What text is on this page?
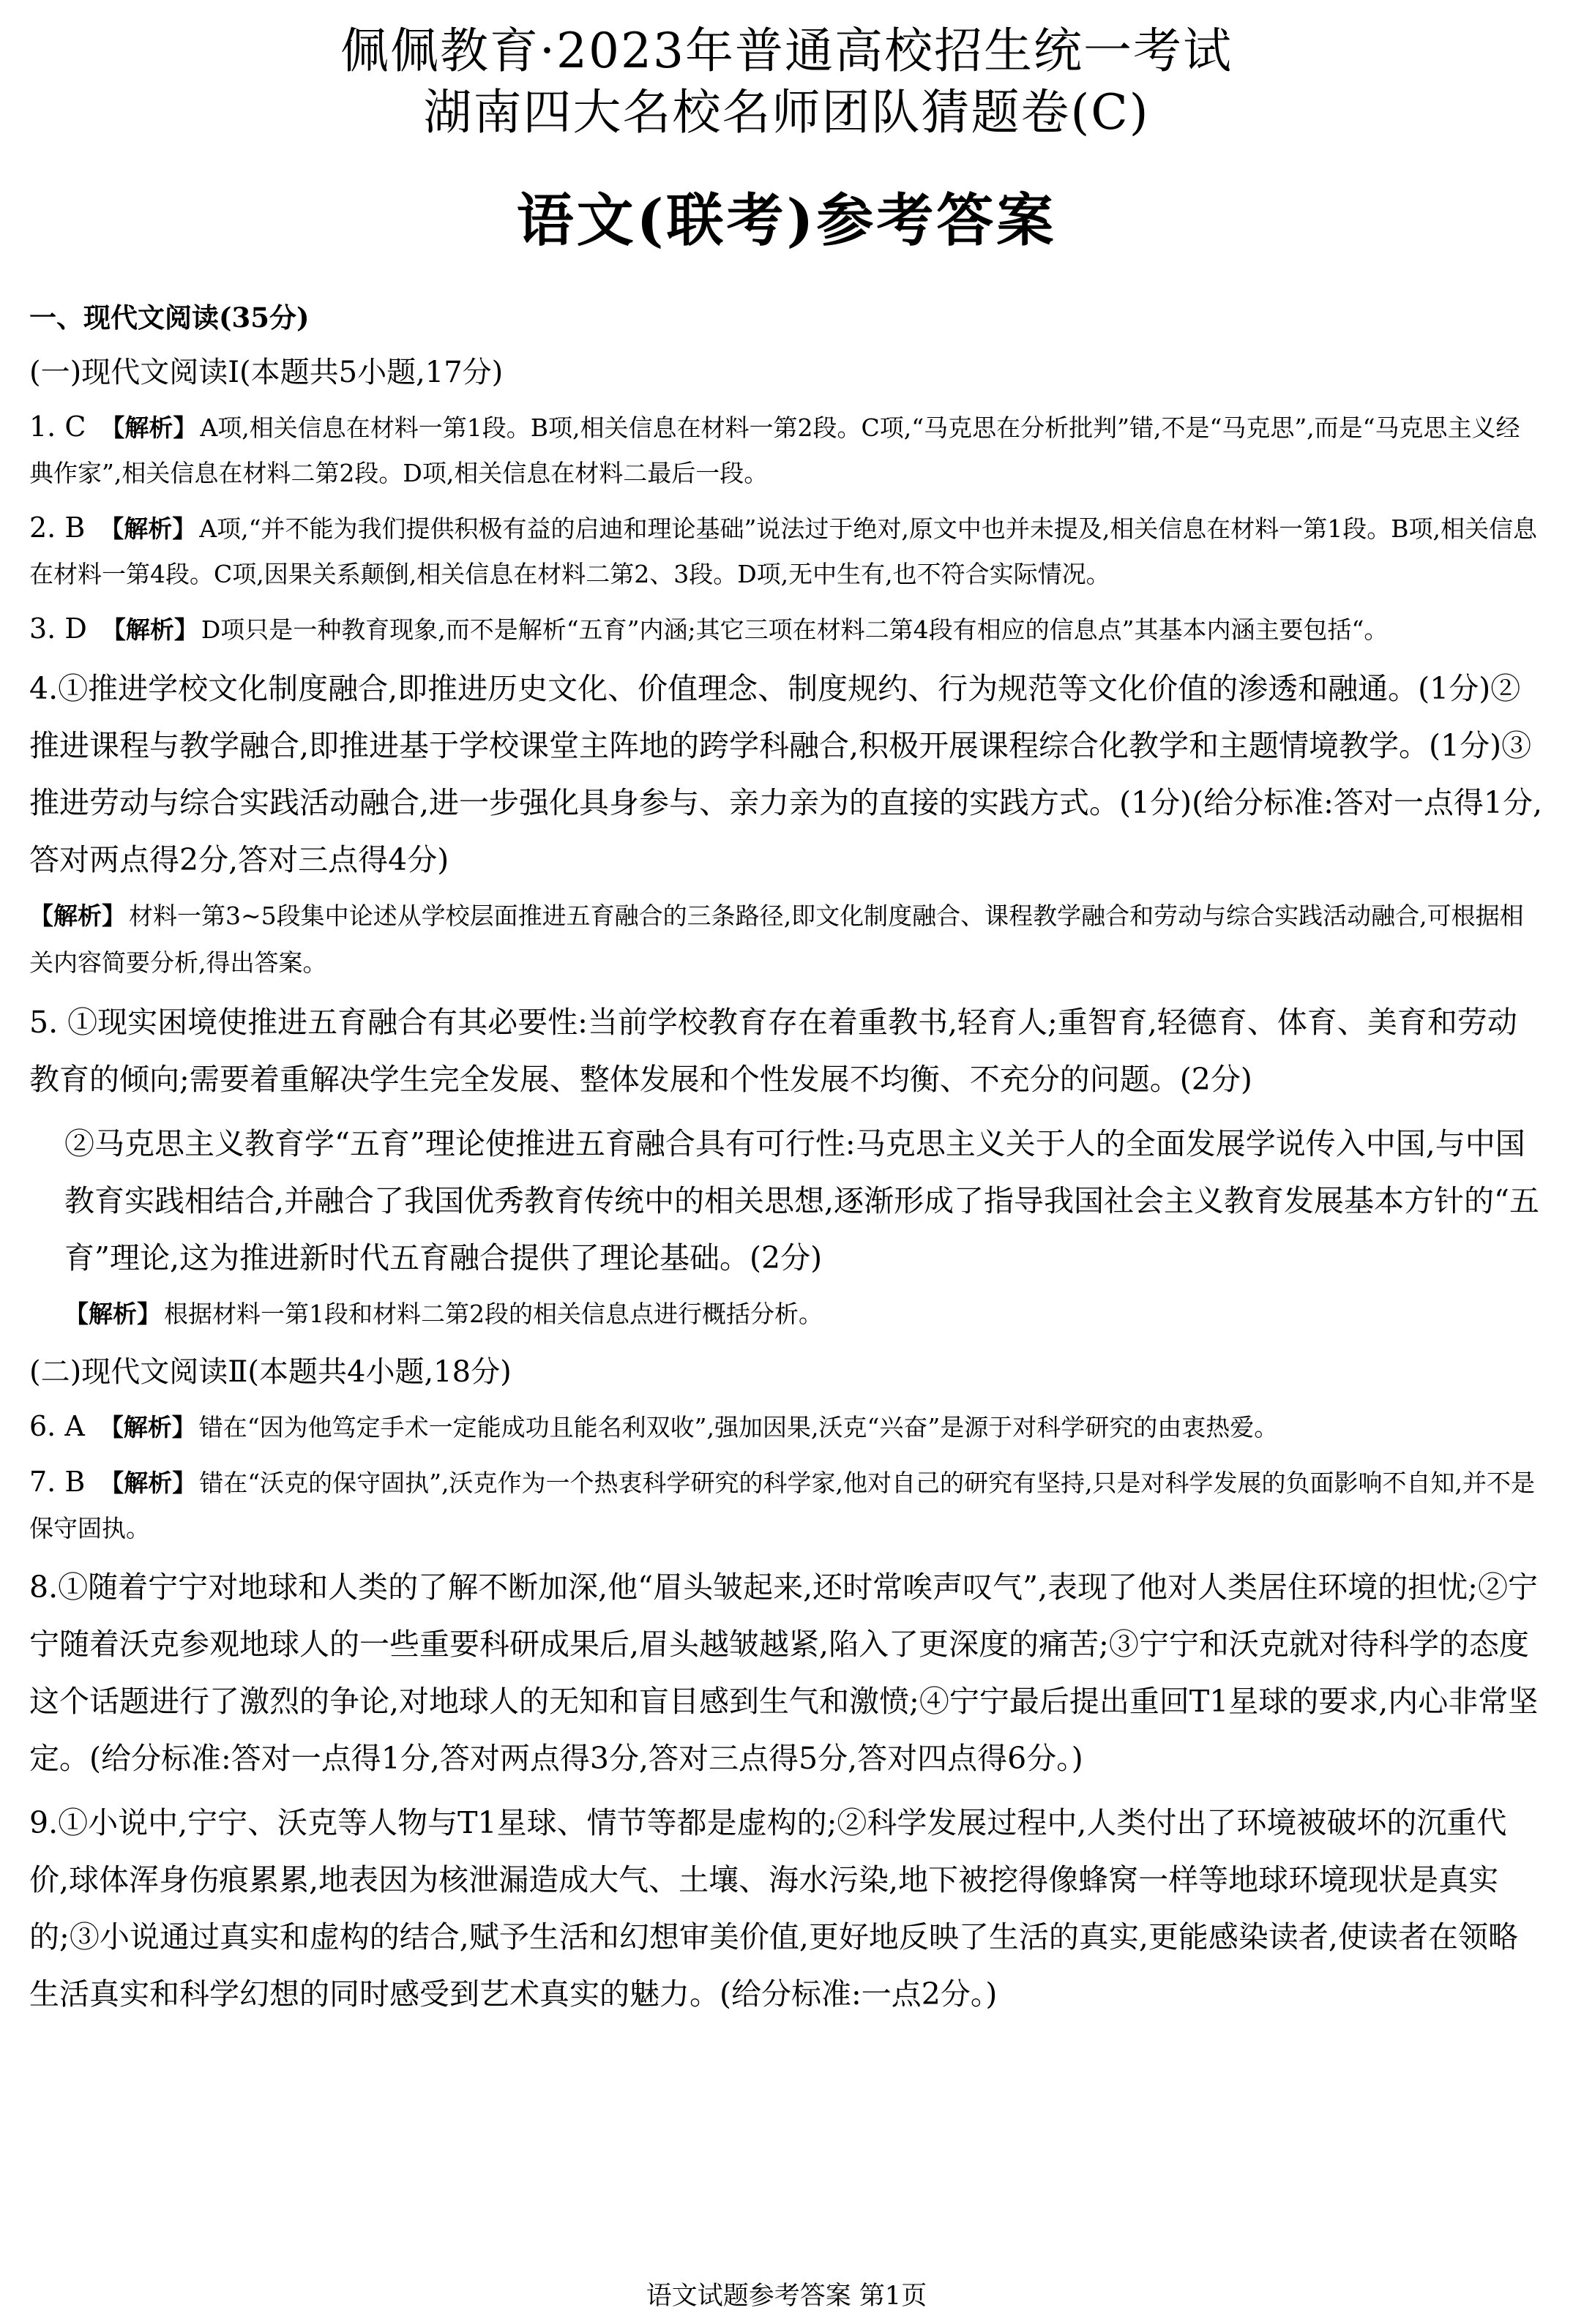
佩佩教育·2023年普通高校招生统一考试
湖南四大名校名师团队猜题卷(C)
语文(联考)参考答案
一、现代文阅读(35分)
(一)现代文阅读Ⅰ(本题共5小题,17分)
1. C 【解析】 A项,相关信息在材料一第1段。B项,相关信息在材料一第2段。C项,“马克思在分析批判”错,不是“马克思”,而是“马克思主义经典作家”,相关信息在材料二第2段。D项,相关信息在材料二最后一段。
2. B 【解析】 A项,“并不能为我们提供积极有益的启迪和理论基础”说法过于绝对,原文中也并未提及,相关信息在材料一第1段。B项,相关信息在材料一第4段。C项,因果关系颠倒,相关信息在材料二第2、3段。D项,无中生有,也不符合实际情况。
3. D 【解析】 D项只是一种教育现象,而不是解析“五育”内涵;其它三项在材料二第4段有相应的信息点”其基本内涵主要包括“。
4.①推进学校文化制度融合,即推进历史文化、价值理念、制度规约、行为规范等文化价值的渗透和融通。(1分)②推进课程与教学融合,即推进基于学校课堂主阵地的跨学科融合,积极开展课程综合化教学和主题情境教学。(1分)③推进劳动与综合实践活动融合,进一步强化具身参与、亲力亲为的直接的实践方式。(1分)(给分标准:答对一点得1分,答对两点得2分,答对三点得4分)
【解析】 材料一第3~5段集中论述从学校层面推进五育融合的三条路径,即文化制度融合、课程教学融合和劳动与综合实践活动融合,可根据相关内容简要分析,得出答案。
5. ①现实困境使推进五育融合有其必要性:当前学校教育存在着重教书,轻育人;重智育,轻德育、体育、美育和劳动教育的倾向;需要着重解决学生完全发展、整体发展和个性发展不均衡、不充分的问题。(2分)
②马克思主义教育学“五育”理论使推进五育融合具有可行性:马克思主义关于人的全面发展学说传入中国,与中国教育实践相结合,并融合了我国优秀教育传统中的相关思想,逐渐形成了指导我国社会主义教育发展基本方针的“五育”理论,这为推进新时代五育融合提供了理论基础。(2分)
【解析】 根据材料一第1段和材料二第2段的相关信息点进行概括分析。
(二)现代文阅读Ⅱ(本题共4小题,18分)
6. A 【解析】 错在“因为他笃定手术一定能成功且能名利双收”,强加因果,沃克“兴奋”是源于对科学研究的由衷热爱。
7. B 【解析】 错在“沃克的保守固执”,沃克作为一个热衷科学研究的科学家,他对自己的研究有坚持,只是对科学发展的负面影响不自知,并不是保守固执。
8.①随着宁宁对地球和人类的了解不断加深,他“眉头皱起来,还时常唉声叹气”,表现了他对人类居住环境的担忧;②宁宁随着沃克参观地球人的一些重要科研成果后,眉头越皱越紧,陷入了更深度的痛苦;③宁宁和沃克就对待科学的态度这个话题进行了激烈的争论,对地球人的无知和盲目感到生气和激愤;④宁宁最后提出重回T1星球的要求,内心非常坚定。(给分标准:答对一点得1分,答对两点得3分,答对三点得5分,答对四点得6分。)
9.①小说中,宁宁、沃克等人物与T1星球、情节等都是虚构的;②科学发展过程中,人类付出了环境被破坏的沉重代价,球体浑身伤痕累累,地表因为核泄漏造成大气、土壤、海水污染,地下被挖得像蜂窝一样等地球环境现状是真实的;③小说通过真实和虚构的结合,赋予生活和幻想审美价值,更好地反映了生活的真实,更能感染读者,使读者在领略生活真实和科学幻想的同时感受到艺术真实的魅力。(给分标准:一点2分。)
语文试题参考答案 第1页
